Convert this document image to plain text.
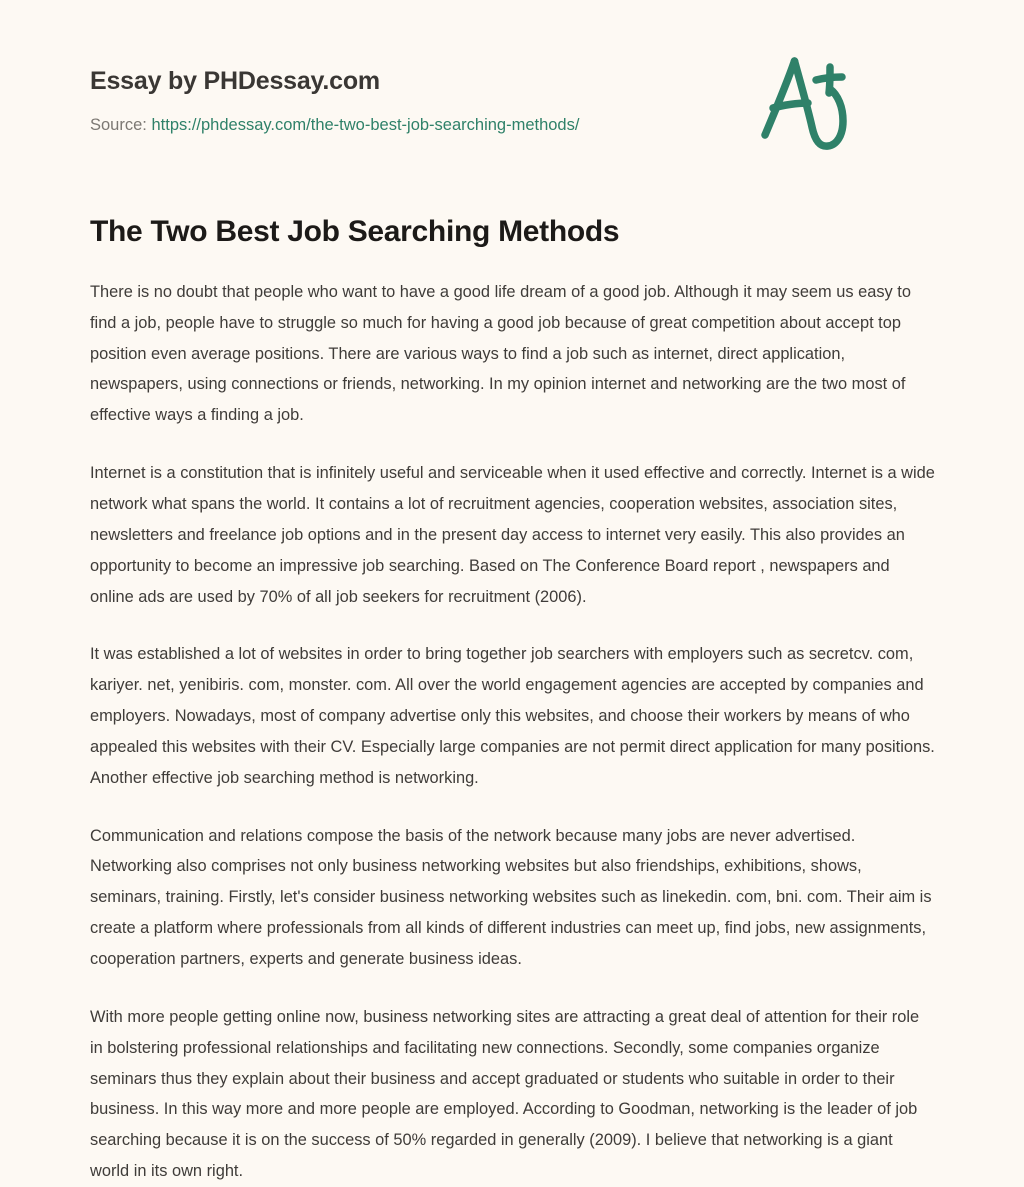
Essay by PHDessay.com
Source: https://phdessay.com/the-two-best-job-searching-methods/
The Two Best Job Searching Methods

There is no doubt that people who want to have a good life dream of a good job. Although it may seem us easy to find a job, people have to struggle so much for having a good job because of great competition about accept top position even average positions. There are various ways to find a job such as internet, direct application, newspapers, using connections or friends, networking. In my opinion internet and networking are the two most of effective ways a finding a job.

Internet is a constitution that is infinitely useful and serviceable when it used effective and correctly. Internet is a wide network what spans the world. It contains a lot of recruitment agencies, cooperation websites, association sites, newsletters and freelance job options and in the present day access to internet very easily. This also provides an opportunity to become an impressive job searching. Based on The Conference Board report , newspapers and online ads are used by 70% of all job seekers for recruitment (2006).

It was established a lot of websites in order to bring together job searchers with employers such as secretcv. com, kariyer. net, yenibiris. com, monster. com. All over the world engagement agencies are accepted by companies and employers. Nowadays, most of company advertise only this websites, and choose their workers by means of who appealed this websites with their CV. Especially large companies are not permit direct application for many positions. Another effective job searching method is networking.

Communication and relations compose the basis of the network because many jobs are never advertised. Networking also comprises not only business networking websites but also friendships, exhibitions, shows, seminars, training. Firstly, let's consider business networking websites such as linekedin. com, bni. com. Their aim is create a platform where professionals from all kinds of different industries can meet up, find jobs, new assignments, cooperation partners, experts and generate business ideas.

With more people getting online now, business networking sites are attracting a great deal of attention for their role in bolstering professional relationships and facilitating new connections. Secondly, some companies organize seminars thus they explain about their business and accept graduated or students who suitable in order to their business. In this way more and more people are employed. According to Goodman, networking is the leader of job searching because it is on the success of 50% regarded in generally (2009). I believe that networking is a giant world in its own right.
